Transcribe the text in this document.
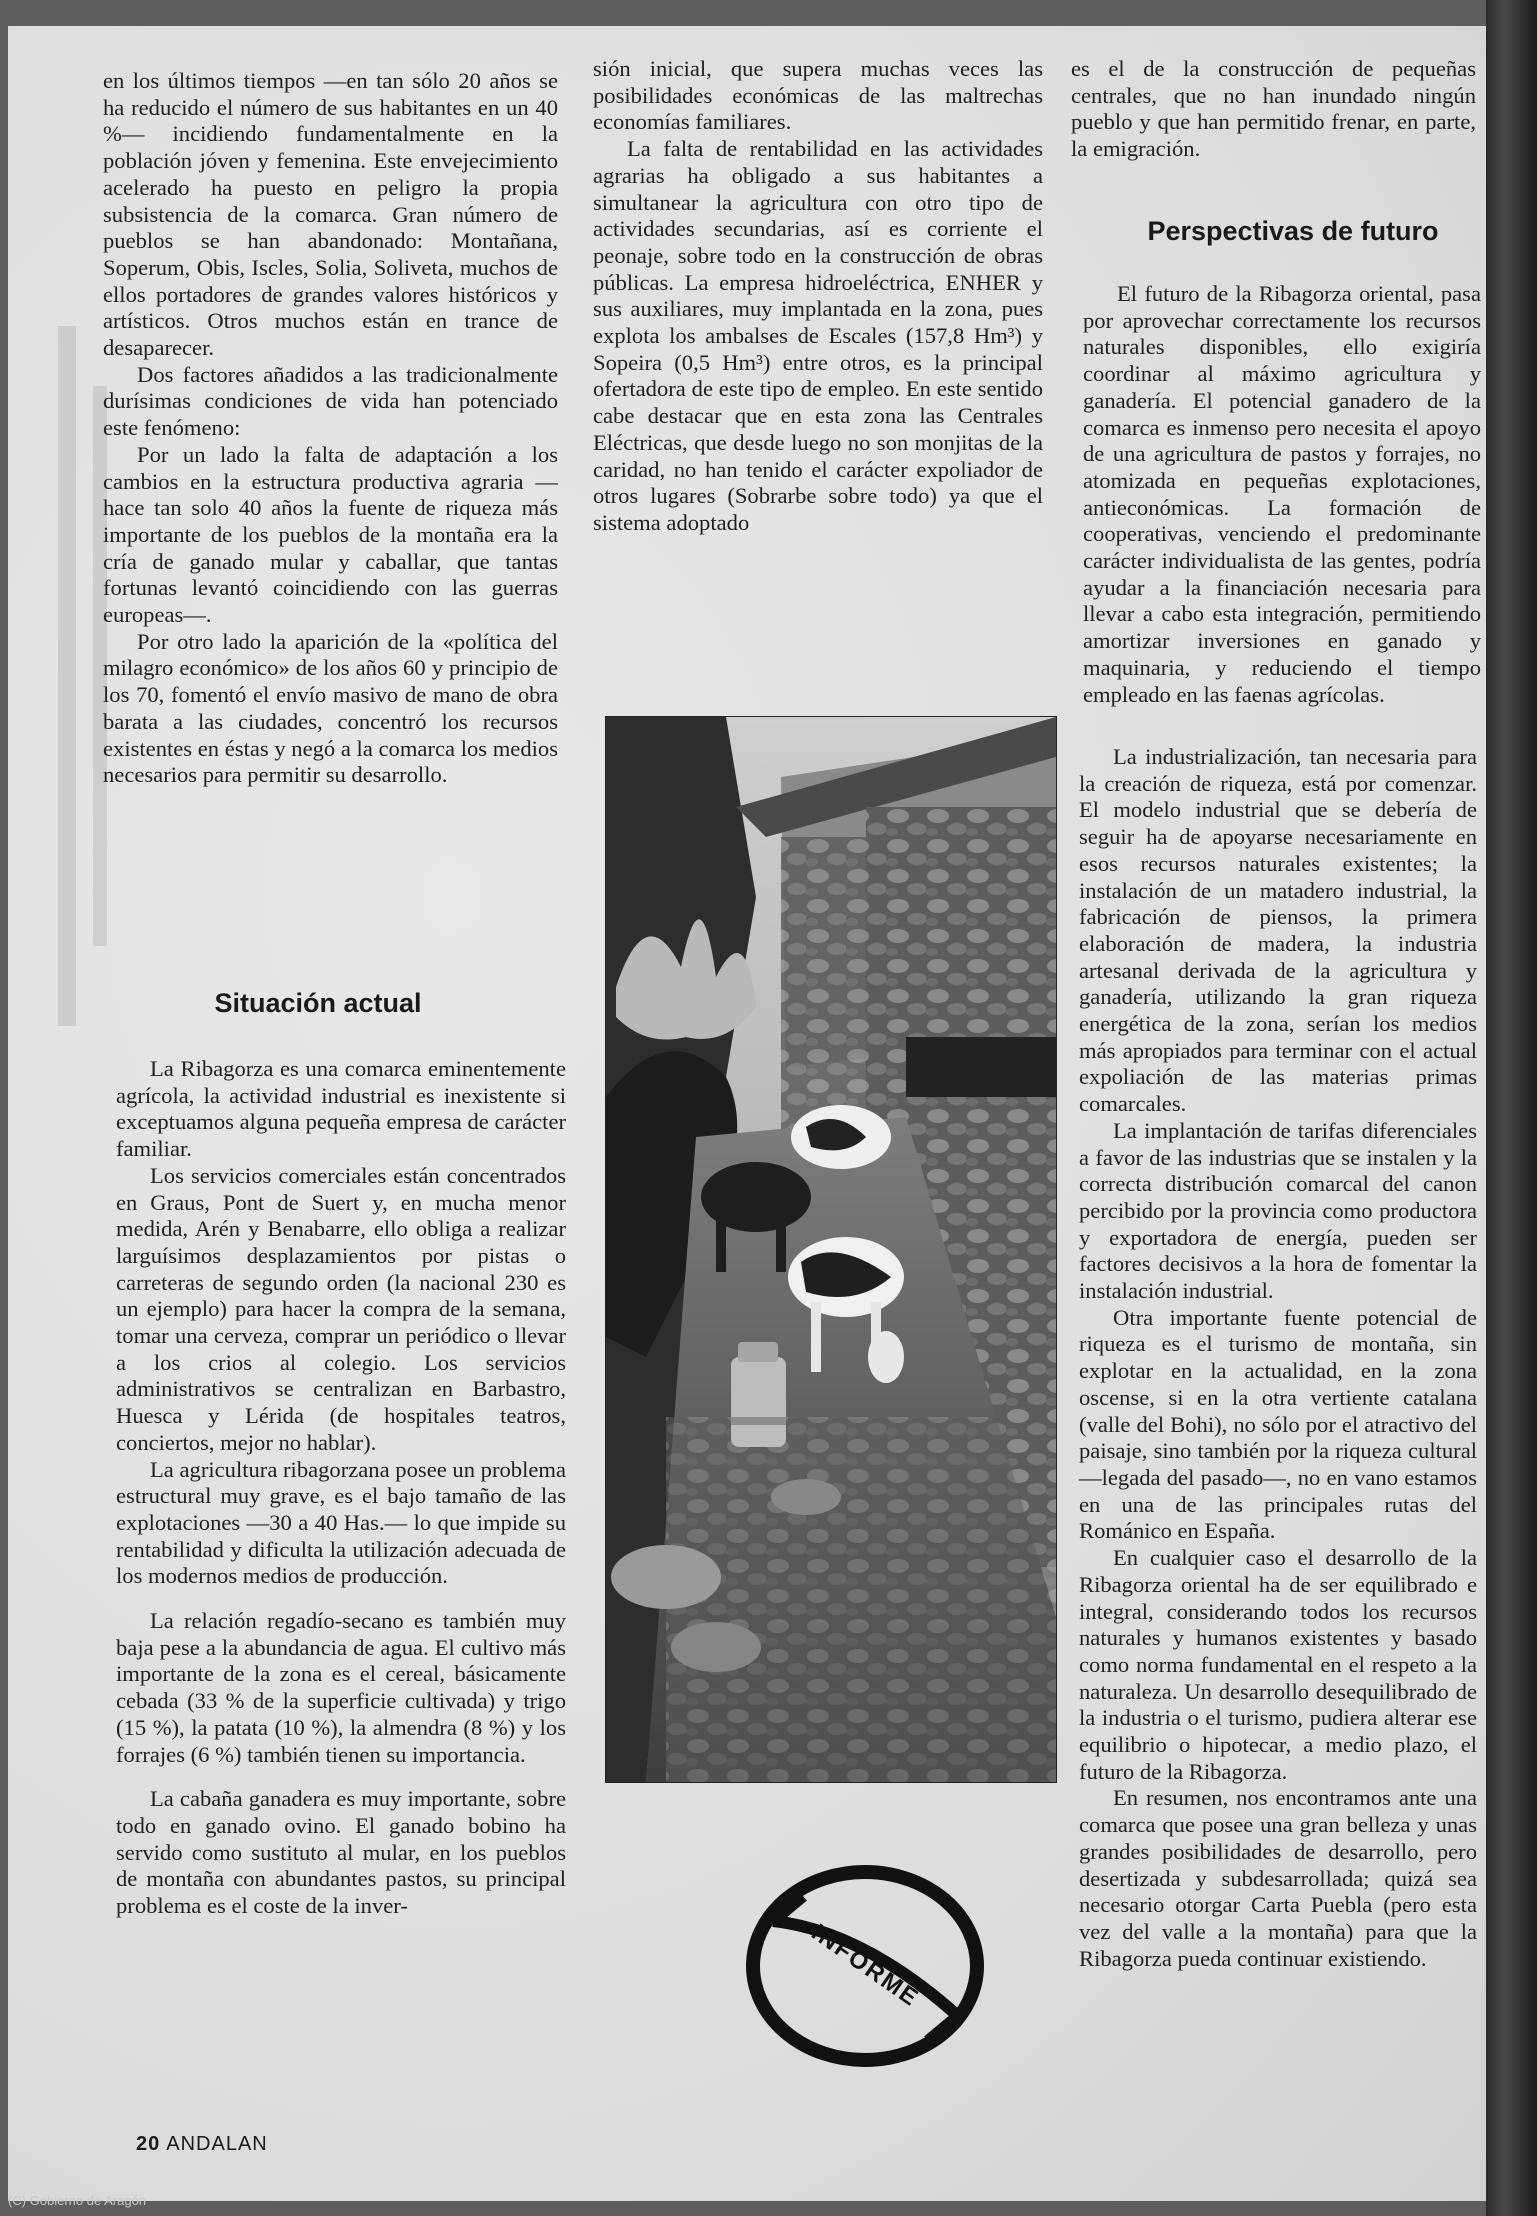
en los últimos tiempos —en tan sólo 20 años se ha reducido el número de sus habitantes en un 40 %— incidiendo fundamentalmente en la población jóven y femenina. Este envejecimiento acelerado ha puesto en peligro la propia subsistencia de la comarca. Gran número de pueblos se han abandonado: Montañana, Soperum, Obis, Iscles, Solia, Soliveta, muchos de ellos portadores de grandes valores históricos y artísticos. Otros muchos están en trance de desaparecer.

Dos factores añadidos a las tradicionalmente durísimas condiciones de vida han potenciado este fenómeno:

Por un lado la falta de adaptación a los cambios en la estructura productiva agraria —hace tan solo 40 años la fuente de riqueza más importante de los pueblos de la montaña era la cría de ganado mular y caballar, que tantas fortunas levantó coincidiendo con las guerras europeas—.

Por otro lado la aparición de la «política del milagro económico» de los años 60 y principio de los 70, fomentó el envío masivo de mano de obra barata a las ciudades, concentró los recursos existentes en éstas y negó a la comarca los medios necesarios para permitir su desarrollo.

Situación actual

La Ribagorza es una comarca eminentemente agrícola, la actividad industrial es inexistente si exceptuamos alguna pequeña empresa de carácter familiar.

Los servicios comerciales están concentrados en Graus, Pont de Suert y, en mucha menor medida, Arén y Benabarre, ello obliga a realizar larguísimos desplazamientos por pistas o carreteras de segundo orden (la nacional 230 es un ejemplo) para hacer la compra de la semana, tomar una cerveza, comprar un periódico o llevar a los crios al colegio. Los servicios administrativos se centralizan en Barbastro, Huesca y Lérida (de hospitales teatros, conciertos, mejor no hablar).

La agricultura ribagorzana posee un problema estructural muy grave, es el bajo tamaño de las explotaciones —30 a 40 Has.— lo que impide su rentabilidad y dificulta la utilización adecuada de los modernos medios de producción.

La relación regadío-secano es también muy baja pese a la abundancia de agua. El cultivo más importante de la zona es el cereal, básicamente cebada (33 % de la superficie cultivada) y trigo (15 %), la patata (10 %), la almendra (8 %) y los forrajes (6 %) también tienen su importancia.

La cabaña ganadera es muy importante, sobre todo en ganado ovino. El ganado bobino ha servido como sustituto al mular, en los pueblos de montaña con abundantes pastos, su principal problema es el coste de la inver-

sión inicial, que supera muchas veces las posibilidades económicas de las maltrechas economías familiares.

La falta de rentabilidad en las actividades agrarias ha obligado a sus habitantes a simultanear la agricultura con otro tipo de actividades secundarias, así es corriente el peonaje, sobre todo en la construcción de obras públicas. La empresa hidroeléctrica, ENHER y sus auxiliares, muy implantada en la zona, pues explota los ambalses de Escales (157,8 Hm³) y Sopeira (0,5 Hm³) entre otros, es la principal ofertadora de este tipo de empleo. En este sentido cabe destacar que en esta zona las Centrales Eléctricas, que desde luego no son monjitas de la caridad, no han tenido el carácter expoliador de otros lugares (Sobrarbe sobre todo) ya que el sistema adoptado

es el de la construcción de pequeñas centrales, que no han inundado ningún pueblo y que han permitido frenar, en parte, la emigración.

Perspectivas de futuro

El futuro de la Ribagorza oriental, pasa por aprovechar correctamente los recursos naturales disponibles, ello exigiría coordinar al máximo agricultura y ganadería. El potencial ganadero de la comarca es inmenso pero necesita el apoyo de una agricultura de pastos y forrajes, no atomizada en pequeñas explotaciones, antieconómicas. La formación de cooperativas, venciendo el predominante carácter individualista de las gentes, podría ayudar a la financiación necesaria para llevar a cabo esta integración, permitiendo amortizar inversiones en ganado y maquinaria, y reduciendo el tiempo empleado en las faenas agrícolas.

La industrialización, tan necesaria para la creación de riqueza, está por comenzar. El modelo industrial que se debería de seguir ha de apoyarse necesariamente en esos recursos naturales existentes; la instalación de un matadero industrial, la fabricación de piensos, la primera elaboración de madera, la industria artesanal derivada de la agricultura y ganadería, utilizando la gran riqueza energética de la zona, serían los medios más apropiados para terminar con el actual expoliación de las materias primas comarcales.

La implantación de tarifas diferenciales a favor de las industrias que se instalen y la correcta distribución comarcal del canon percibido por la provincia como productora y exportadora de energía, pueden ser factores decisivos a la hora de fomentar la instalación industrial.

Otra importante fuente potencial de riqueza es el turismo de montaña, sin explotar en la actualidad, en la zona oscense, si en la otra vertiente catalana (valle del Bohi), no sólo por el atractivo del paisaje, sino también por la riqueza cultural —legada del pasado—, no en vano estamos en una de las principales rutas del Románico en España.

En cualquier caso el desarrollo de la Ribagorza oriental ha de ser equilibrado e integral, considerando todos los recursos naturales y humanos existentes y basado como norma fundamental en el respeto a la naturaleza. Un desarrollo desequilibrado de la industria o el turismo, pudiera alterar ese equilibrio o hipotecar, a medio plazo, el futuro de la Ribagorza.

En resumen, nos encontramos ante una comarca que posee una gran belleza y unas grandes posibilidades de desarrollo, pero desertizada y subdesarrollada; quizá sea necesario otorgar Carta Puebla (pero esta vez del valle a la montaña) para que la Ribagorza pueda continuar existiendo.

INFORME
20 ANDALAN
(C) Gobierno de Aragón
